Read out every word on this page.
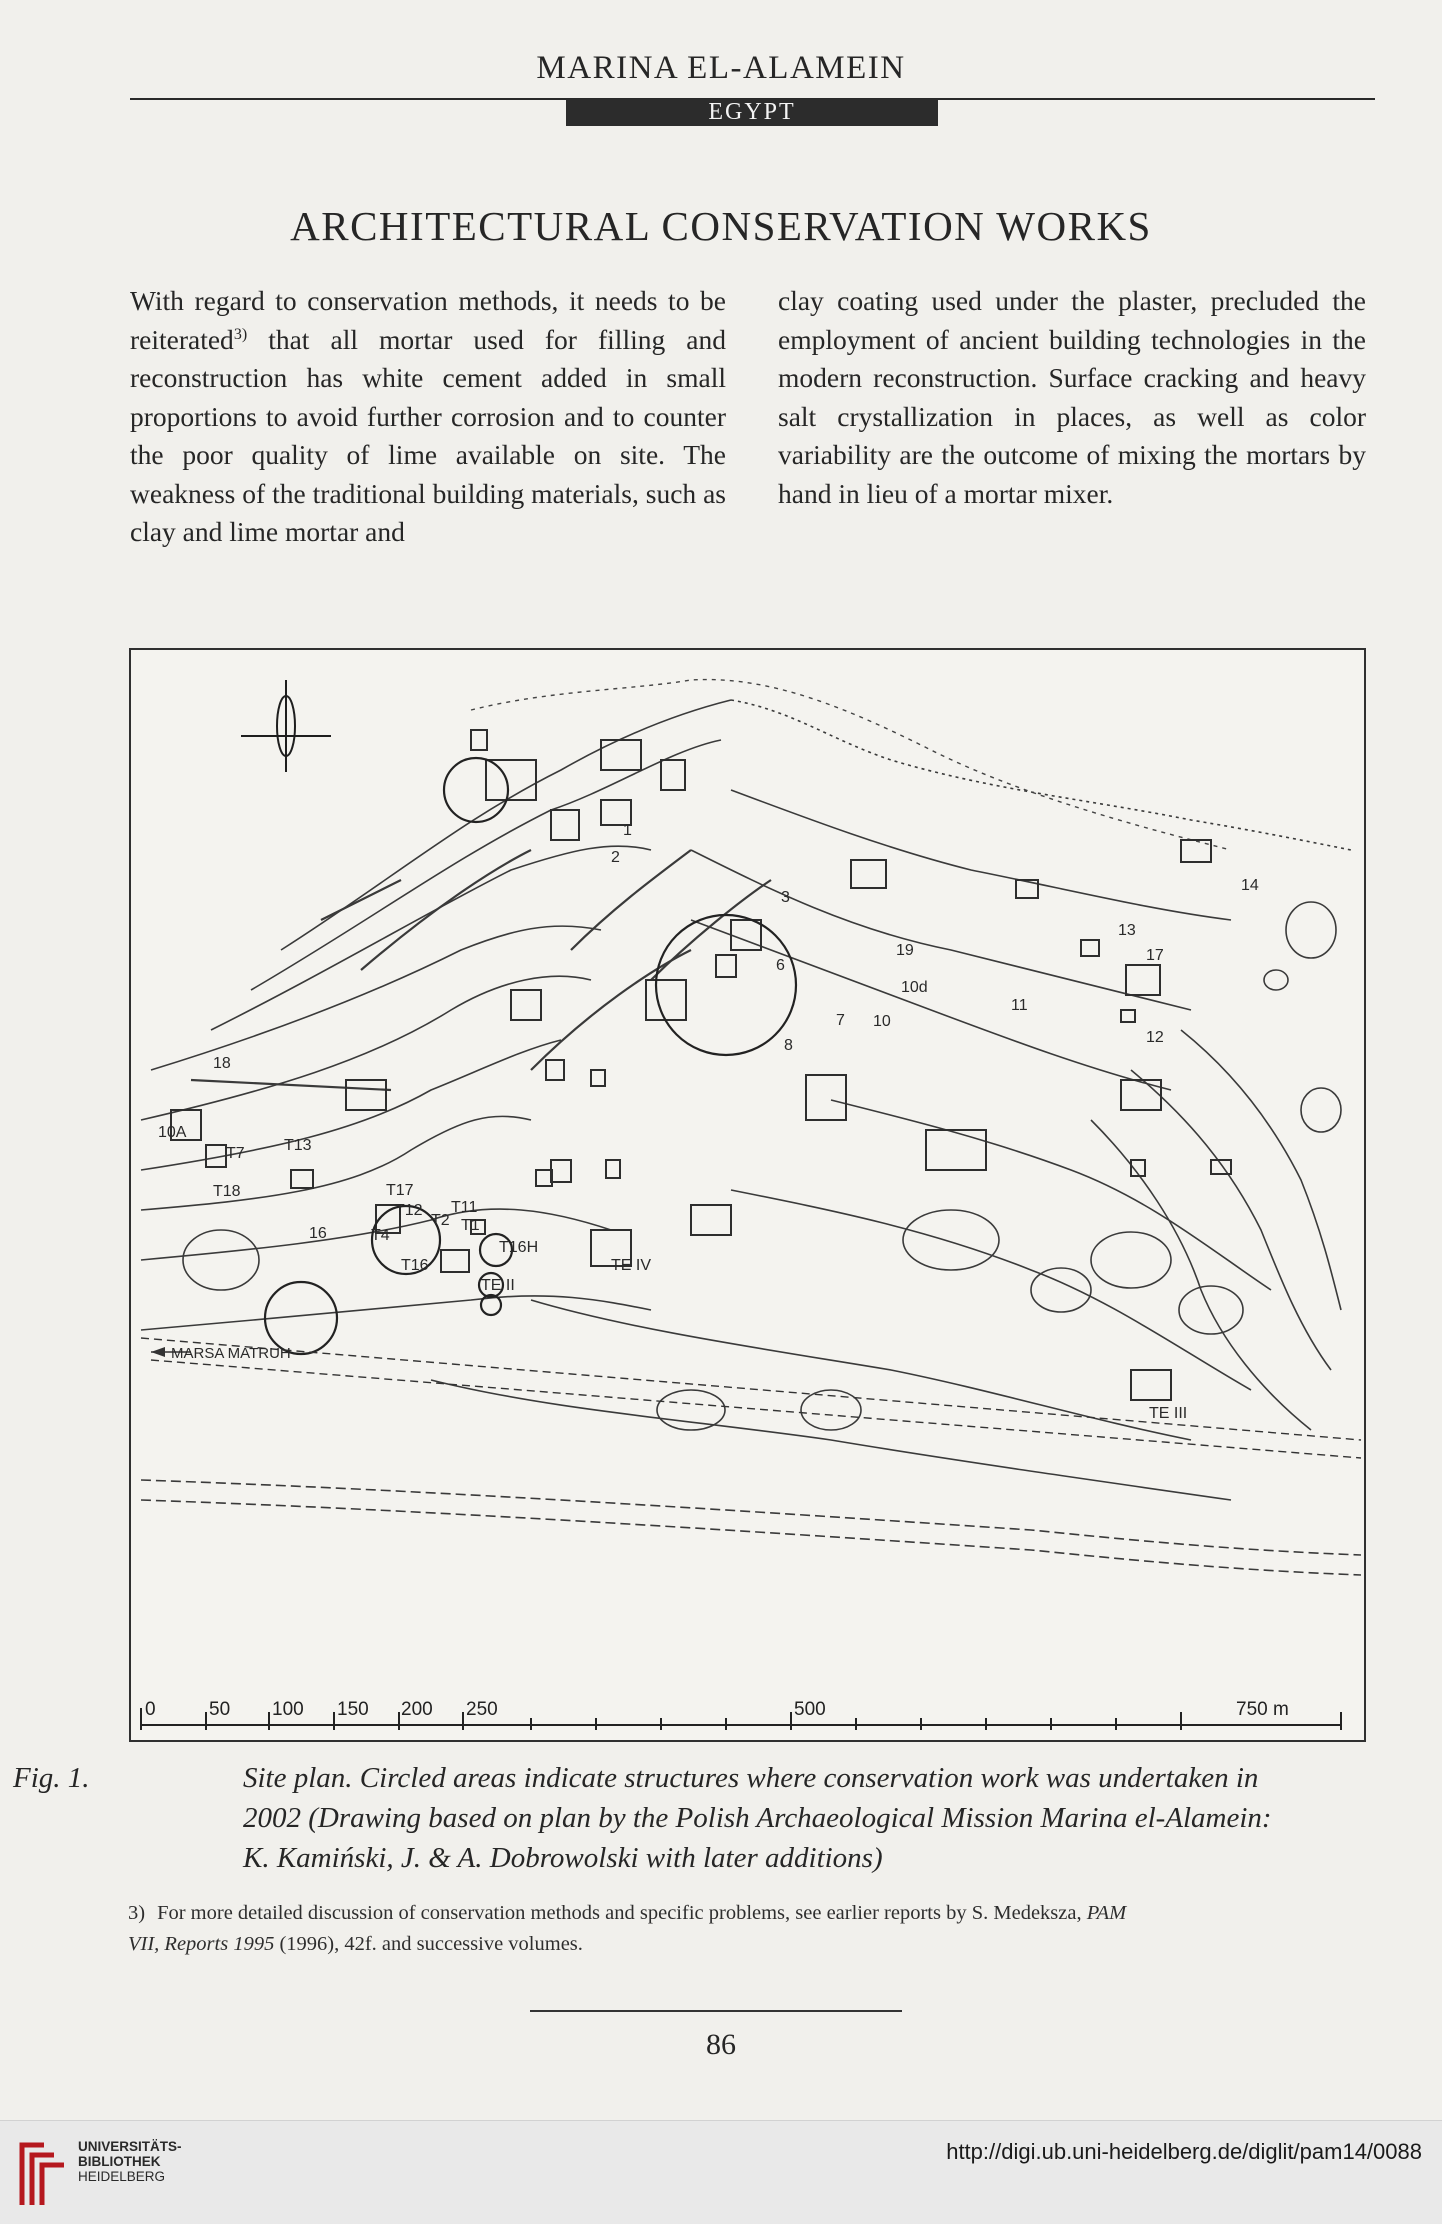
MARINA EL-ALAMEIN
EGYPT
ARCHITECTURAL CONSERVATION WORKS
With regard to conservation methods, it needs to be reiterated$^{3)}$ that all mortar used for filling and reconstruction has white cement added in small proportions to avoid further corrosion and to counter the poor quality of lime available on site. The weakness of the traditional building materials, such as clay and lime mortar and
clay coating used under the plaster, precluded the employment of ancient building technologies in the modern reconstruction. Surface cracking and heavy salt crystallization in places, as well as color variability are the outcome of mixing the mortars by hand in lieu of a mortar mixer.
MARSA MATRUH
1
2
3
6
7
8
10
10A
10d
11
12
13
14
16
17
18
19
T1
T2
T4
T7
T11
T12
T13
T16
T16H
T17
T18
TE II
TE III
TE IV
0	50 100 150 200 250	500	750 m
Fig. 1.	Site plan. Circled areas indicate structures where conservation work was undertaken in
2002 (Drawing based on plan by the Polish Archaeological Mission Marina el-Alamein:
K. Kamiński, J. & A. Dobrowolski with later additions)
3) For more detailed discussion of conservation methods and specific problems, see earlier reports by S. Medeksza, PAM
VII, Reports 1995 (1996), 42f. and successive volumes.
86
UNIVERSITÄTS-
BIBLIOTHEK
HEIDELBERG
http://digi.ub.uni-heidelberg.de/diglit/pam14/0088
